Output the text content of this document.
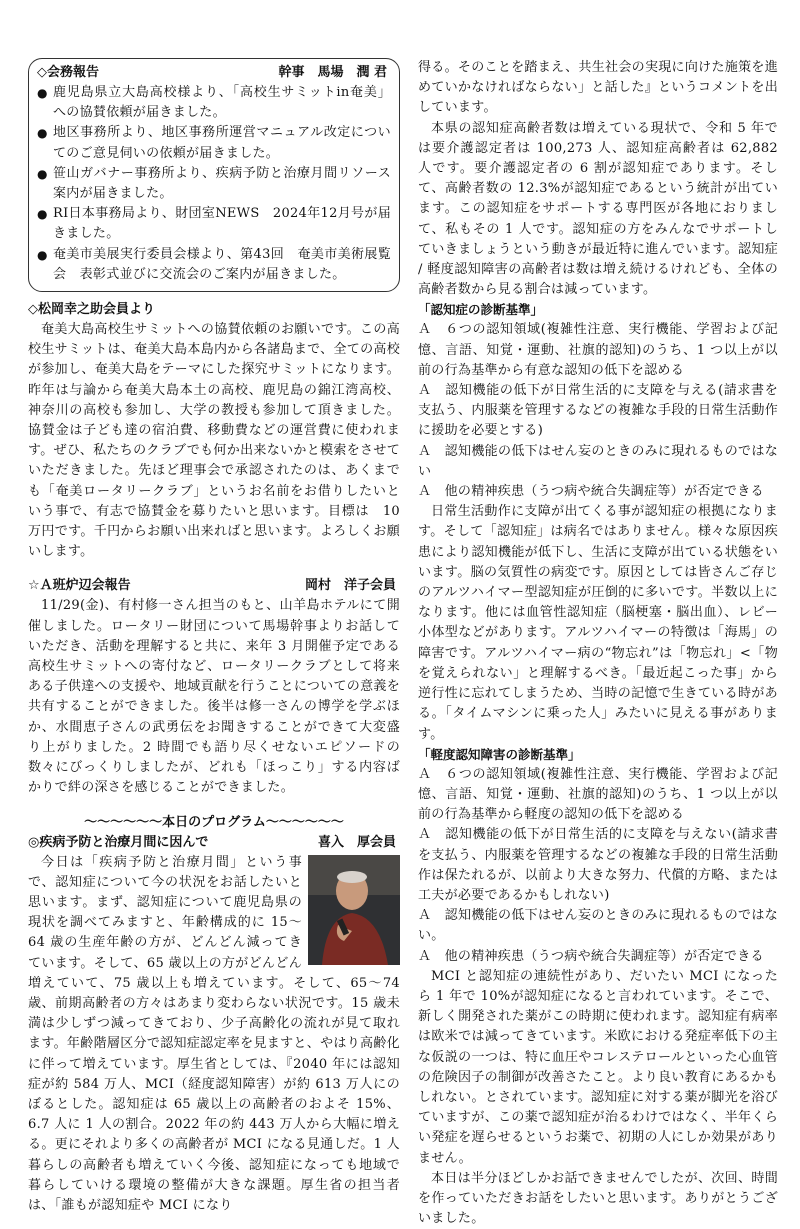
◇会務報告	幹事　馬場　潤 君
● 鹿児島県立大島高校様より、「高校生サミットin奄美」への協賛依頼が届きました。
● 地区事務所より、地区事務所運営マニュアル改定についてのご意見伺いの依頼が届きました。
● 笹山ガバナー事務所より、疾病予防と治療月間リソース案内が届きました。
● RI日本事務局より、財団室NEWS　2024年12月号が届きました。
● 奄美市美展実行委員会様より、第43回　奄美市美術展覧会　表彰式並びに交流会のご案内が届きました。
◇松岡幸之助会員より

奄美大島高校生サミットへの協賛依頼のお願いです。この高校生サミットは、奄美大島本島内から各諸島まで、全ての高校が参加し、奄美大島をテーマにした探究サミットになります。昨年は与論から奄美大島本土の高校、鹿児島の錦江湾高校、神奈川の高校も参加し、大学の教授も参加して頂きました。協賛金は子ども達の宿泊費、移動費などの運営費に使われます。ぜひ、私たちのクラブでも何か出来ないかと模索をさせていただきました。先ほど理事会で承認されたのは、あくまでも「奄美ロータリークラブ」というお名前をお借りしたいという事で、有志で協賛金を募りたいと思います。目標は　10 万円です。千円からお願い出来ればと思います。よろしくお願いします。

☆Ａ班炉辺会報告	岡村　洋子会員

11/29(金)、有村修一さん担当のもと、山羊島ホテルにて開催しました。ロータリー財団について馬場幹事よりお話していただき、活動を理解すると共に、来年 3 月開催予定である高校生サミットへの寄付など、ロータリークラブとして将来ある子供達への支援や、地域貢献を行うことについての意義を共有することができました。後半は修一さんの博学を学ぶほか、水間恵子さんの武勇伝をお聞きすることができて大変盛り上がりました。2 時間でも語り尽くせないエピソードの数々にびっくりしましたが、どれも「ほっこり」する内容ばかりで絆の深さを感じることができました。

～～～～～～本日のプログラム～～～～～～
◎疾病予防と治療月間に因んで	喜入　厚会員

今日は「疾病予防と治療月間」という事で、認知症について今の状況をお話したいと思います。まず、認知症について鹿児島県の現状を調べてみますと、年齢構成的に 15～64 歳の生産年齢の方が、どんどん減ってきています。そして、65 歳以上の方がどんどん増えていて、75 歳以上も増えています。そして、65～74 歳、前期高齢者の方々はあまり変わらない状況です。15 歳未満は少しずつ減ってきており、少子高齢化の流れが見て取れます。年齢階層区分で認知症認定率を見ますと、やはり高齢化に伴って増えています。厚生省としては、『2040 年には認知症が約 584 万人、MCI（経度認知障害）が約 613 万人にのぼるとした。認知症は 65 歳以上の高齢者のおよそ 15%、6.7 人に 1 人の割合。2022 年の約 443 万人から大幅に増える。更にそれより多くの高齢者が MCI になる見通しだ。1 人暮らしの高齢者も増えていく今後、認知症になっても地域で暮らしていける環境の整備が大きな課題。厚生省の担当者は、「誰もが認知症や MCI になり

得る。そのことを踏まえ、共生社会の実現に向けた施策を進めていかなければならない」と話した』というコメントを出しています。

本県の認知症高齢者数は増えている現状で、令和 5 年では要介護認定者は 100,273 人、認知症高齢者は 62,882 人です。要介護認定者の 6 割が認知症であります。そして、高齢者数の 12.3%が認知症であるという統計が出ています。この認知症をサポートする専門医が各地におりまして、私もその 1 人です。認知症の方をみんなでサポートしていきましょうという動きが最近特に進んでいます。認知症 / 軽度認知障害の高齢者は数は増え続けるけれども、全体の高齢者数から見る割合は減っています。

「認知症の診断基準」

Ａ　６つの認知領域(複雑性注意、実行機能、学習および記憶、言語、知覚・運動、社旗的認知)のうち、1 つ以上が以前の行為基準から有意な認知の低下を認める

Ａ　認知機能の低下が日常生活的に支障を与える(請求書を支払う、内服薬を管理するなどの複雑な手段的日常生活動作に援助を必要とする)

Ａ　認知機能の低下はせん妄のときのみに現れるものではない

Ａ　他の精神疾患（うつ病や統合失調症等）が否定できる

日常生活動作に支障が出てくる事が認知症の根拠になります。そして「認知症」は病名ではありません。様々な原因疾患により認知機能が低下し、生活に支障が出ている状態をいいます。脳の気質性の病変です。原因としては皆さんご存じのアルツハイマー型認知症が圧倒的に多いです。半数以上になります。他には血管性認知症（脳梗塞・脳出血）、レビー小体型などがあります。アルツハイマーの特徴は「海馬」の障害です。アルツハイマー病の“物忘れ”は「物忘れ」<「物を覚えられない」と理解するべき。「最近起こった事」から逆行性に忘れてしまうため、当時の記憶で生きている時がある。「タイムマシンに乗った人」みたいに見える事があります。

「軽度認知障害の診断基準」

Ａ　６つの認知領域(複雑性注意、実行機能、学習および記憶、言語、知覚・運動、社旗的認知)のうち、1 つ以上が以前の行為基準から軽度の認知の低下を認める

Ａ　認知機能の低下が日常生活的に支障を与えない(請求書を支払う、内服薬を管理するなどの複雑な手段的日常生活動作は保たれるが、以前より大きな努力、代償的方略、または工夫が必要であるかもしれない)

Ａ　認知機能の低下はせん妄のときのみに現れるものではない。

Ａ　他の精神疾患（うつ病や統合失調症等）が否定できる

MCI と認知症の連続性があり、だいたい MCI になったら 1 年で 10%が認知症になると言われています。そこで、新しく開発された薬がこの時期に使われます。認知症有病率は欧米では減ってきています。米欧における発症率低下の主な仮説の一つは、特に血圧やコレステロールといった心血管の危険因子の制御が改善さたこと。より良い教育にあるかもしれない。とされています。認知症に対する薬が脚光を浴びていますが、この薬で認知症が治るわけではなく、半年くらい発症を遅らせるというお薬で、初期の人にしか効果がありません。

本日は半分ほどしかお話できませんでしたが、次回、時間を作っていただきお話をしたいと思います。ありがとうございました。
